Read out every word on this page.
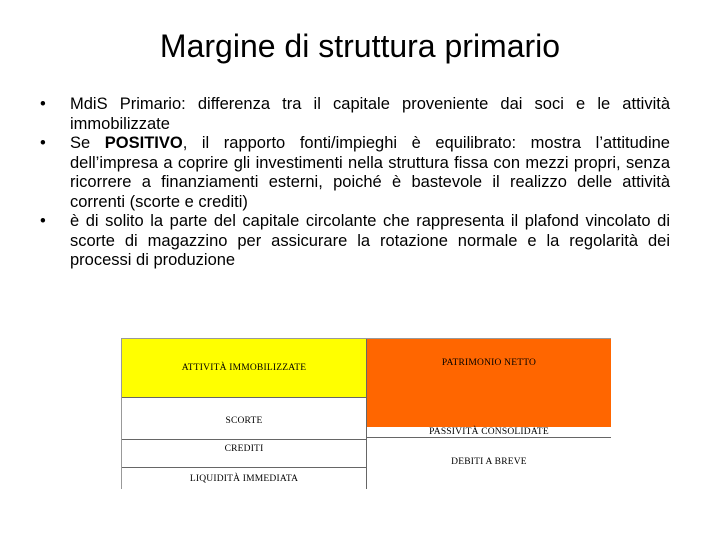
Margine di struttura primario
•	MdiS Primario: differenza tra il capitale proveniente dai soci e le attività immobilizzate
•	Se POSITIVO, il rapporto fonti/impieghi è equilibrato: mostra l’attitudine dell’impresa a coprire gli investimenti nella struttura fissa con mezzi propri, senza ricorrere a finanziamenti esterni, poiché è bastevole il realizzo delle attività correnti (scorte e crediti)
•	è di solito la parte del capitale circolante che rappresenta il plafond vincolato di scorte di magazzino per assicurare la rotazione normale e la regolarità dei processi di produzione
ATTIVITÀ IMMOBILIZZATE
SCORTE
CREDITI
LIQUIDITÀ IMMEDIATA
PATRIMONIO NETTO
PASSIVITÀ CONSOLIDATE
DEBITI A BREVE
